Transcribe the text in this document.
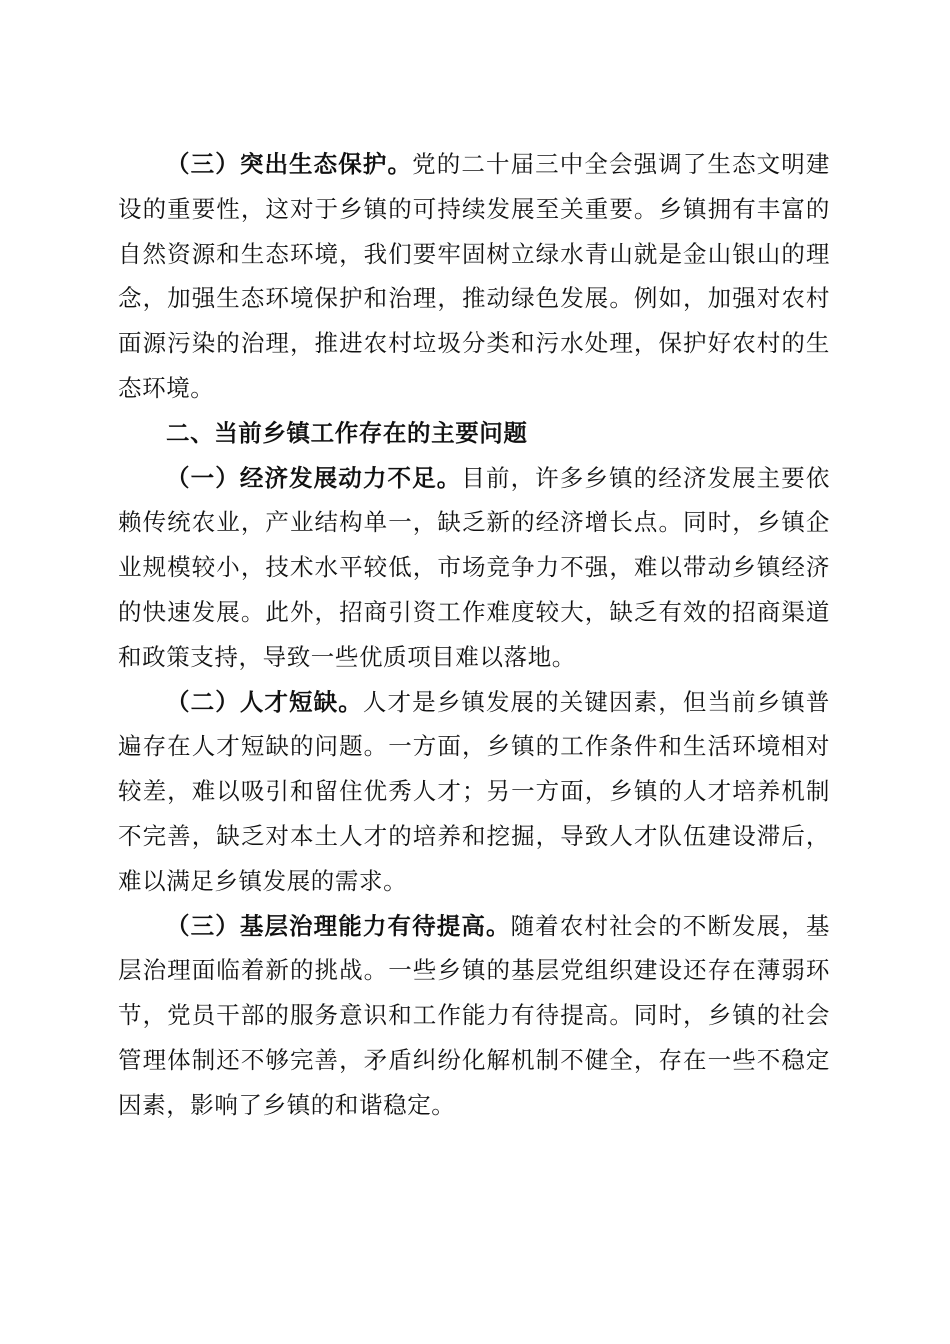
（三）突出生态保护。党的二十届三中全会强调了生态文明建设的重要性，这对于乡镇的可持续发展至关重要。乡镇拥有丰富的自然资源和生态环境，我们要牢固树立绿水青山就是金山银山的理念，加强生态环境保护和治理，推动绿色发展。例如，加强对农村面源污染的治理，推进农村垃圾分类和污水处理，保护好农村的生态环境。

二、当前乡镇工作存在的主要问题

（一）经济发展动力不足。目前，许多乡镇的经济发展主要依赖传统农业，产业结构单一，缺乏新的经济增长点。同时，乡镇企业规模较小，技术水平较低，市场竞争力不强，难以带动乡镇经济的快速发展。此外，招商引资工作难度较大，缺乏有效的招商渠道和政策支持，导致一些优质项目难以落地。

（二）人才短缺。人才是乡镇发展的关键因素，但当前乡镇普遍存在人才短缺的问题。一方面，乡镇的工作条件和生活环境相对较差，难以吸引和留住优秀人才；另一方面，乡镇的人才培养机制不完善，缺乏对本土人才的培养和挖掘，导致人才队伍建设滞后，难以满足乡镇发展的需求。

（三）基层治理能力有待提高。随着农村社会的不断发展，基层治理面临着新的挑战。一些乡镇的基层党组织建设还存在薄弱环节，党员干部的服务意识和工作能力有待提高。同时，乡镇的社会管理体制还不够完善，矛盾纠纷化解机制不健全，存在一些不稳定因素，影响了乡镇的和谐稳定。
